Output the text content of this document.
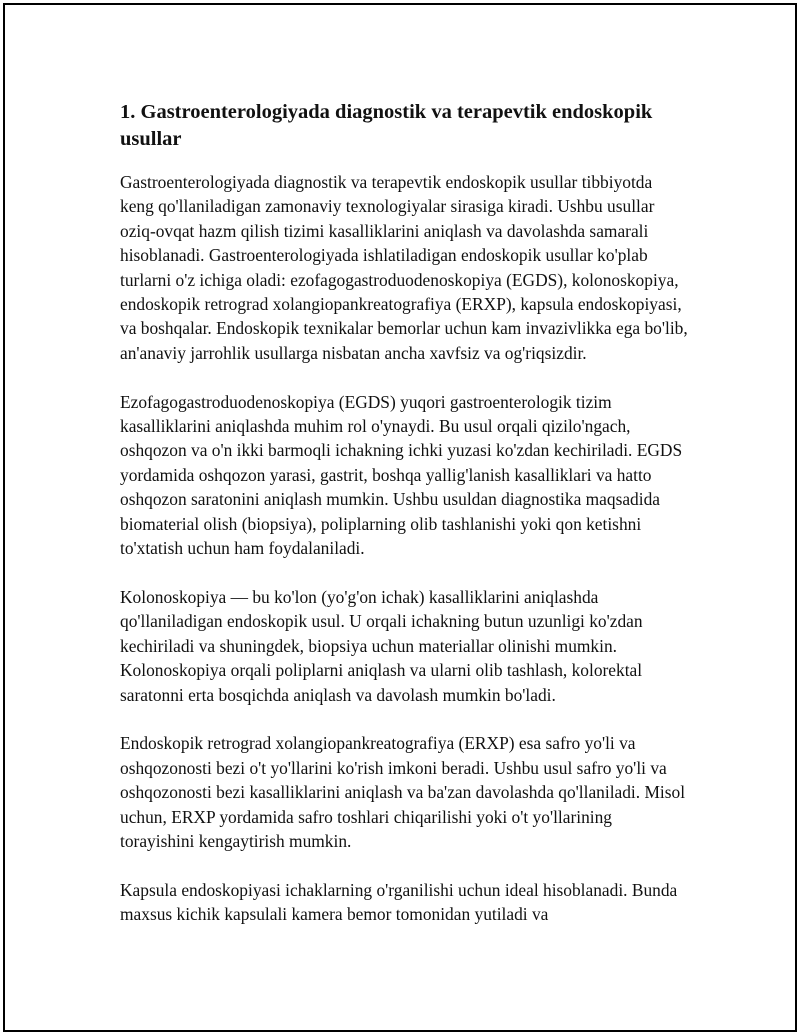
1. Gastroenterologiyada diagnostik va terapevtik endoskopik usullar

Gastroenterologiyada diagnostik va terapevtik endoskopik usullar tibbiyotda keng qo'llaniladigan zamonaviy texnologiyalar sirasiga kiradi. Ushbu usullar oziq-ovqat hazm qilish tizimi kasalliklarini aniqlash va davolashda samarali hisoblanadi. Gastroenterologiyada ishlatiladigan endoskopik usullar ko'plab turlarni o'z ichiga oladi: ezofagogastroduodenoskopiya (EGDS), kolonoskopiya, endoskopik retrograd xolangiopankreatografiya (ERXP), kapsula endoskopiyasi, va boshqalar. Endoskopik texnikalar bemorlar uchun kam invazivlikka ega bo'lib, an'anaviy jarrohlik usullarga nisbatan ancha xavfsiz va og'riqsizdir.

Ezofagogastroduodenoskopiya (EGDS) yuqori gastroenterologik tizim kasalliklarini aniqlashda muhim rol o'ynaydi. Bu usul orqali qizilo'ngach, oshqozon va o'n ikki barmoqli ichakning ichki yuzasi ko'zdan kechiriladi. EGDS yordamida oshqozon yarasi, gastrit, boshqa yallig'lanish kasalliklari va hatto oshqozon saratonini aniqlash mumkin. Ushbu usuldan diagnostika maqsadida biomaterial olish (biopsiya), poliplarning olib tashlanishi yoki qon ketishni to'xtatish uchun ham foydalaniladi.

Kolonoskopiya — bu ko'lon (yo'g'on ichak) kasalliklarini aniqlashda qo'llaniladigan endoskopik usul. U orqali ichakning butun uzunligi ko'zdan kechiriladi va shuningdek, biopsiya uchun materiallar olinishi mumkin. Kolonoskopiya orqali poliplarni aniqlash va ularni olib tashlash, kolorektal saratonni erta bosqichda aniqlash va davolash mumkin bo'ladi.

Endoskopik retrograd xolangiopankreatografiya (ERXP) esa safro yo'li va oshqozonosti bezi o't yo'llarini ko'rish imkoni beradi. Ushbu usul safro yo'li va oshqozonosti bezi kasalliklarini aniqlash va ba'zan davolashda qo'llaniladi. Misol uchun, ERXP yordamida safro toshlari chiqarilishi yoki o't yo'llarining torayishini kengaytirish mumkin.

Kapsula endoskopiyasi ichaklarning o'rganilishi uchun ideal hisoblanadi. Bunda maxsus kichik kapsulali kamera bemor tomonidan yutiladi va
